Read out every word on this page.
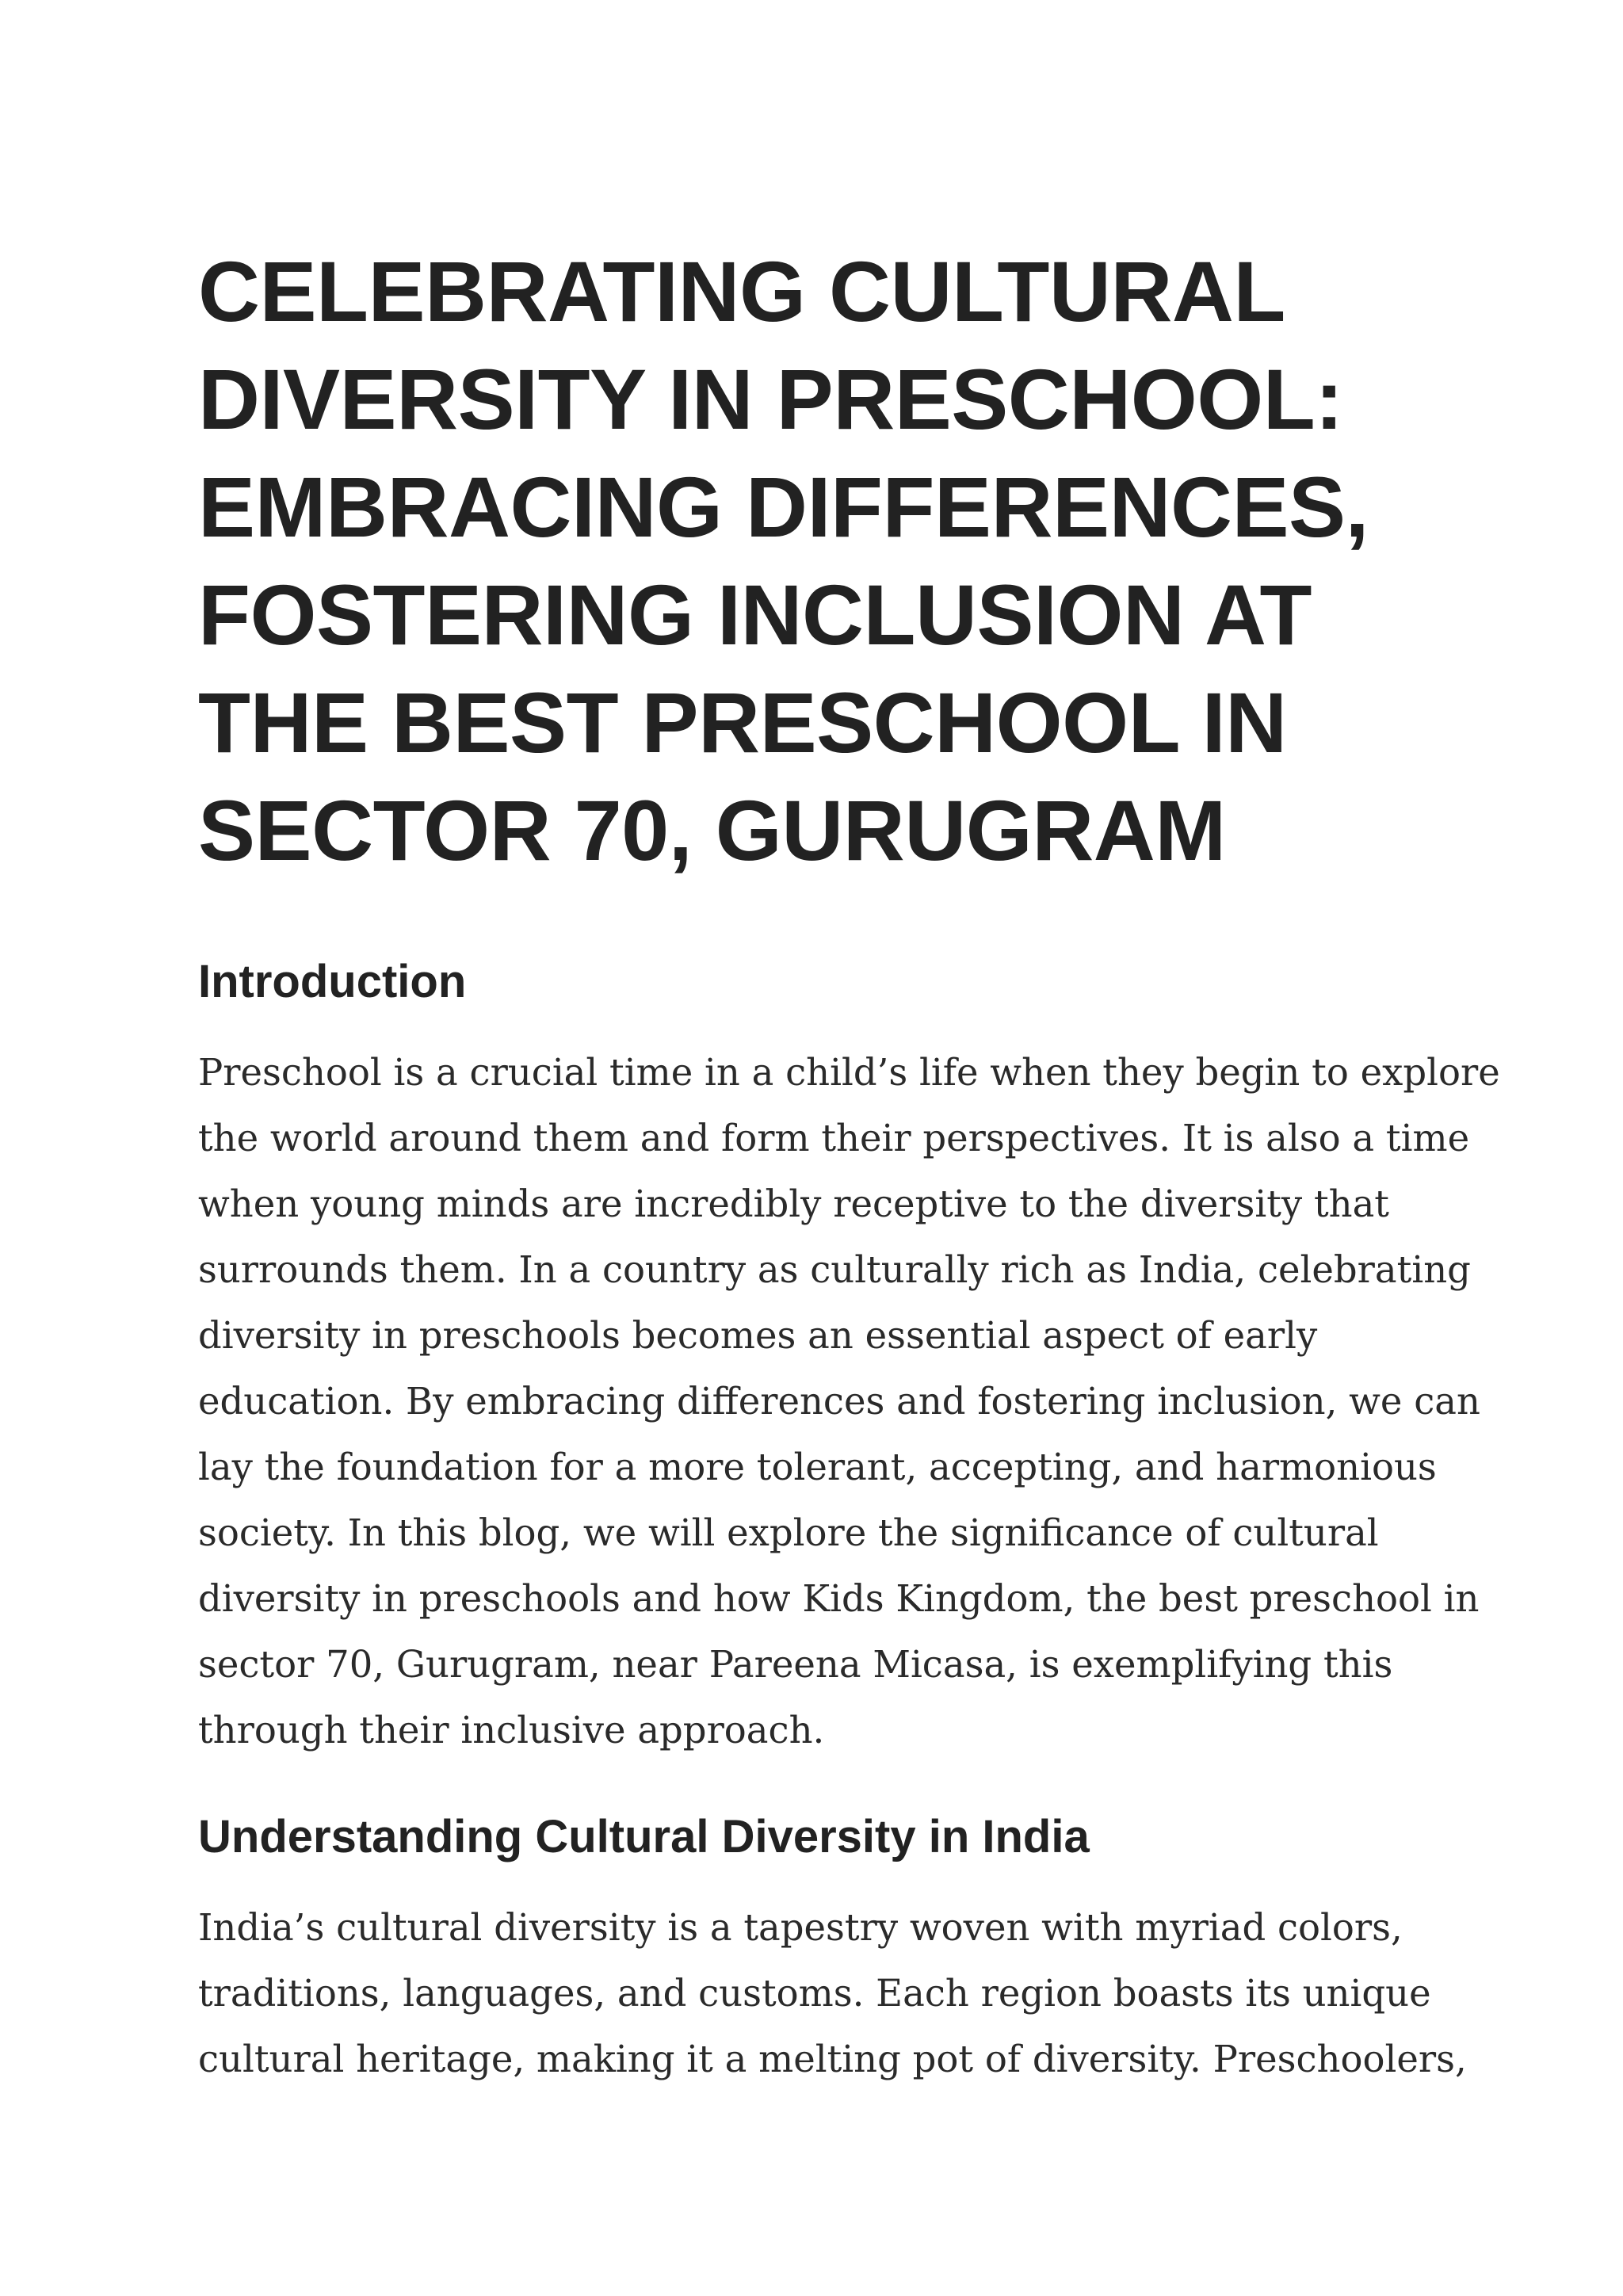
CELEBRATING CULTURAL
DIVERSITY IN PRESCHOOL:
EMBRACING DIFFERENCES,
FOSTERING INCLUSION AT
THE BEST PRESCHOOL IN
SECTOR 70, GURUGRAM
Introduction
Preschool is a crucial time in a child’s life when they begin to explore
the world around them and form their perspectives. It is also a time
when young minds are incredibly receptive to the diversity that
surrounds them. In a country as culturally rich as India, celebrating
diversity in preschools becomes an essential aspect of early
education. By embracing differences and fostering inclusion, we can
lay the foundation for a more tolerant, accepting, and harmonious
society. In this blog, we will explore the significance of cultural
diversity in preschools and how Kids Kingdom, the best preschool in
sector 70, Gurugram, near Pareena Micasa, is exemplifying this
through their inclusive approach.
Understanding Cultural Diversity in India
India’s cultural diversity is a tapestry woven with myriad colors,
traditions, languages, and customs. Each region boasts its unique
cultural heritage, making it a melting pot of diversity. Preschoolers,
